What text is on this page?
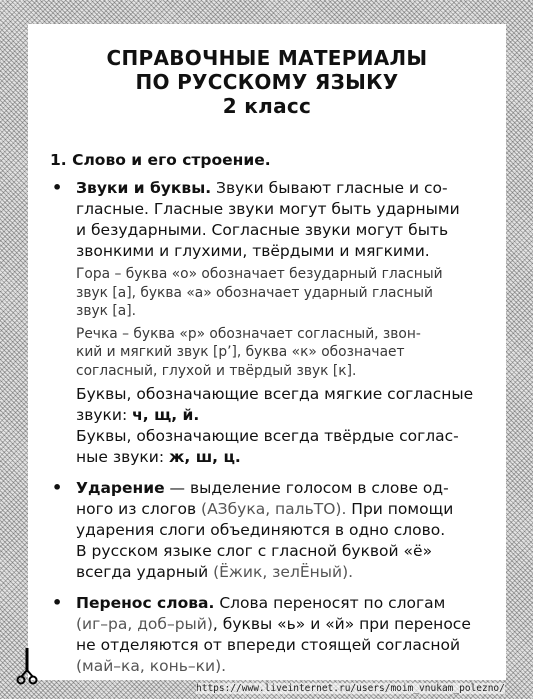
СПРАВОЧНЫЕ МАТЕРИАЛЫ
ПО РУССКОМУ ЯЗЫКУ
2 класс
1. Слово и его строение.
• Звуки и буквы. Звуки бывают гласные и со-
гласные. Гласные звуки могут быть ударными
и безударными. Согласные звуки могут быть
звонкими и глухими, твёрдыми и мягкими.
Гора – буква «о» обозначает безударный гласный
звук [а], буква «а» обозначает ударный гласный
звук [а].
Речка – буква «р» обозначает согласный, звон-
кий и мягкий звук [р’], буква «к» обозначает
согласный, глухой и твёрдый звук [к].
Буквы, обозначающие всегда мягкие согласные
звуки: ч, щ, й.
Буквы, обозначающие всегда твёрдые соглас-
ные звуки: ж, ш, ц.
• Ударение — выделение голосом в слове од-
ного из слогов (АЗбука, пальТО). При помощи
ударения слоги объединяются в одно слово.
В русском языке слог с гласной буквой «ё»
всегда ударный (Ёжик, зелЁный).
• Перенос слова. Слова переносят по слогам
(иг–ра, доб–рый), буквы «ь» и «й» при переносе
не отделяются от впереди стоящей согласной
(май–ка, конь–ки).
https://www.liveinternet.ru/users/moim_vnukam_polezno/
